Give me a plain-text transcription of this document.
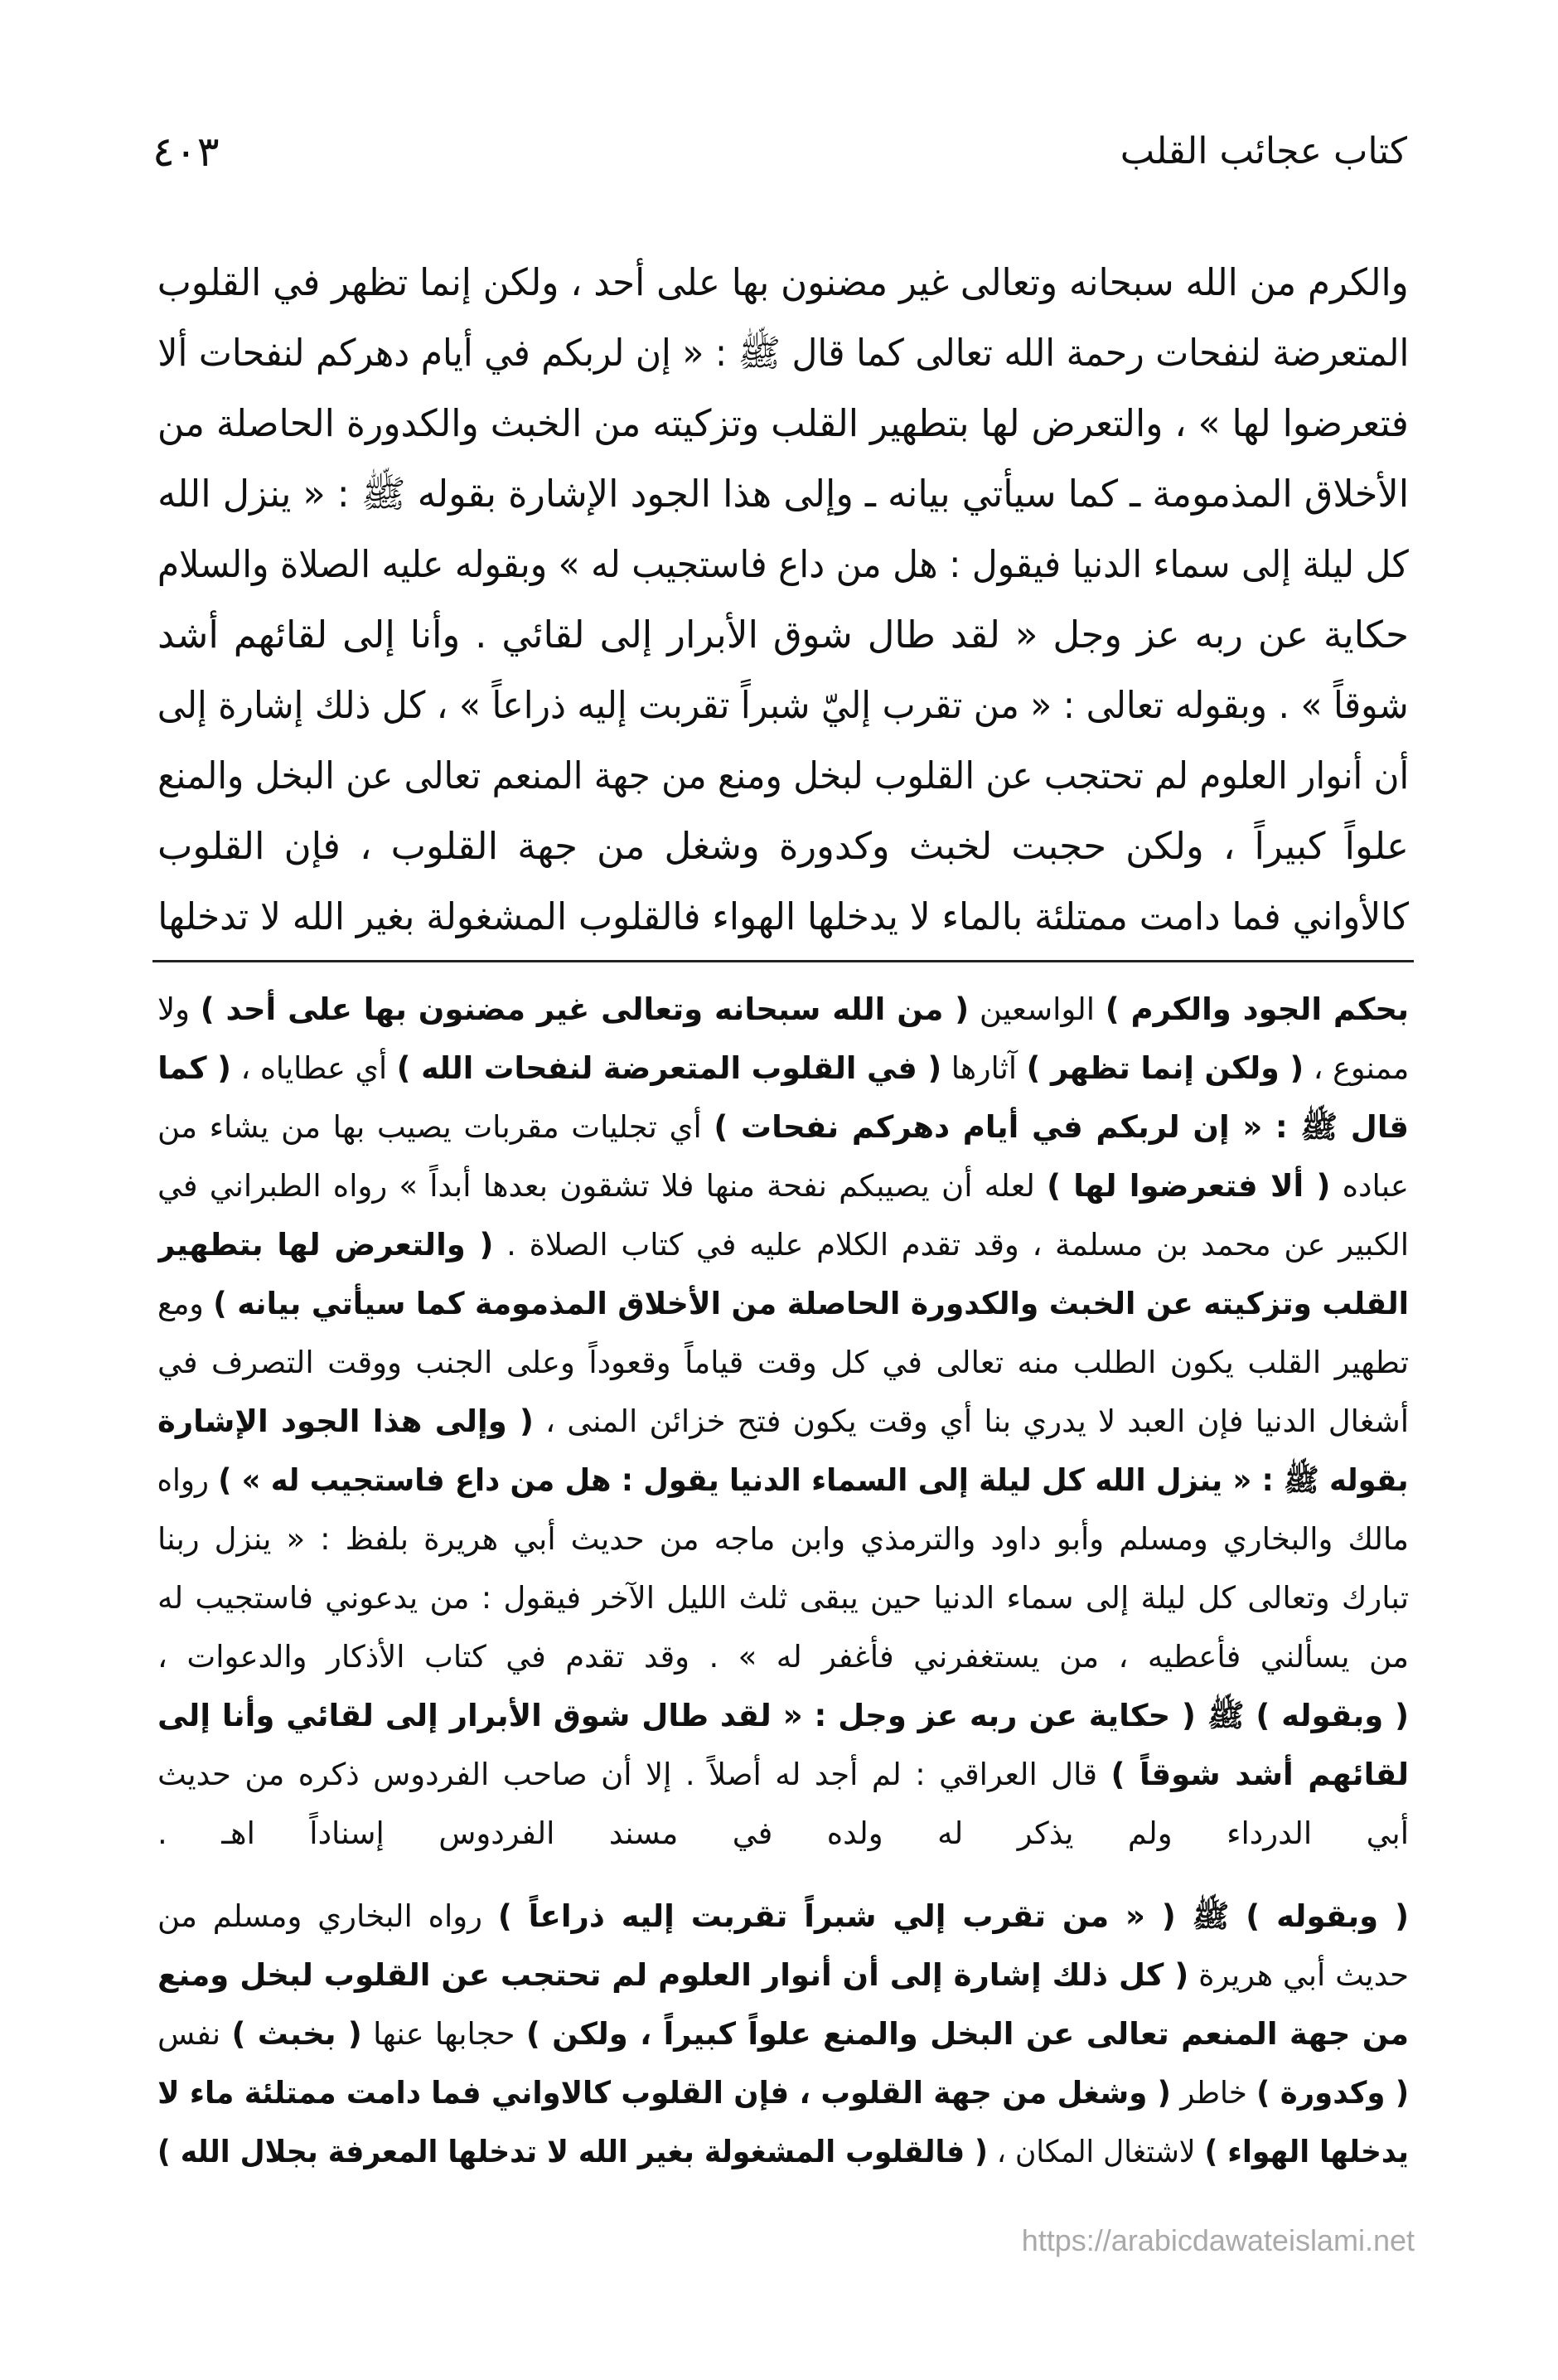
كتاب عجائب القلب
٤٠٣
والكرم من الله سبحانه وتعالى غير مضنون بها على أحد ، ولكن إنما تظهر في القلوب
المتعرضة لنفحات رحمة الله تعالى كما قال ﷺ : « إن لربكم في أيام دهركم لنفحات ألا
فتعرضوا لها » ، والتعرض لها بتطهير القلب وتزكيته من الخبث والكدورة الحاصلة من
الأخلاق المذمومة ـ كما سيأتي بيانه ـ وإلى هذا الجود الإشارة بقوله ﷺ : « ينزل الله
كل ليلة إلى سماء الدنيا فيقول : هل من داع فاستجيب له » وبقوله عليه الصلاة والسلام
حكاية عن ربه عز وجل « لقد طال شوق الأبرار إلى لقائي . وأنا إلى لقائهم أشد
شوقاً » . وبقوله تعالى : « من تقرب إليّ شبراً تقربت إليه ذراعاً » ، كل ذلك إشارة إلى
أن أنوار العلوم لم تحتجب عن القلوب لبخل ومنع من جهة المنعم تعالى عن البخل والمنع
علواً كبيراً ، ولكن حجبت لخبث وكدورة وشغل من جهة القلوب ، فإن القلوب
كالأواني فما دامت ممتلئة بالماء لا يدخلها الهواء فالقلوب المشغولة بغير الله لا تدخلها
بحكم الجود والكرم ) الواسعين ( من الله سبحانه وتعالى غير مضنون بها على أحد ) ولا
ممنوع ، ( ولكن إنما تظهر ) آثارها ( في القلوب المتعرضة لنفحات الله ) أي عطاياه ، ( كما
قال ﷺ : « إن لربكم في أيام دهركم نفحات ) أي تجليات مقربات يصيب بها من يشاء من
عباده ( ألا فتعرضوا لها ) لعله أن يصيبكم نفحة منها فلا تشقون بعدها أبداً » رواه الطبراني في
الكبير عن محمد بن مسلمة ، وقد تقدم الكلام عليه في كتاب الصلاة . ( والتعرض لها بتطهير
القلب وتزكيته عن الخبث والكدورة الحاصلة من الأخلاق المذمومة كما سيأتي بيانه ) ومع
تطهير القلب يكون الطلب منه تعالى في كل وقت قياماً وقعوداً وعلى الجنب ووقت التصرف في
أشغال الدنيا فإن العبد لا يدري بنا أي وقت يكون فتح خزائن المنى ، ( وإلى هذا الجود الإشارة
بقوله ﷺ : « ينزل الله كل ليلة إلى السماء الدنيا يقول : هل من داع فاستجيب له » ) رواه
مالك والبخاري ومسلم وأبو داود والترمذي وابن ماجه من حديث أبي هريرة بلفظ : « ينزل ربنا
تبارك وتعالى كل ليلة إلى سماء الدنيا حين يبقى ثلث الليل الآخر فيقول : من يدعوني فاستجيب له
من يسألني فأعطيه ، من يستغفرني فأغفر له » . وقد تقدم في كتاب الأذكار والدعوات ،
( وبقوله ) ﷺ ( حكاية عن ربه عز وجل : « لقد طال شوق الأبرار إلى لقائي وأنا إلى
لقائهم أشد شوقاً ) قال العراقي : لم أجد له أصلاً . إلا أن صاحب الفردوس ذكره من حديث
أبي الدرداء ولم يذكر له ولده في مسند الفردوس إسناداً اهـ .
( وبقوله ) ﷺ ( « من تقرب إلي شبراً تقربت إليه ذراعاً ) رواه البخاري ومسلم من
حديث أبي هريرة ( كل ذلك إشارة إلى أن أنوار العلوم لم تحتجب عن القلوب لبخل ومنع
من جهة المنعم تعالى عن البخل والمنع علواً كبيراً ، ولكن ) حجابها عنها ( بخبث ) نفس
( وكدورة ) خاطر ( وشغل من جهة القلوب ، فإن القلوب كالاواني فما دامت ممتلئة ماء لا
يدخلها الهواء ) لاشتغال المكان ، ( فالقلوب المشغولة بغير الله لا تدخلها المعرفة بجلال الله )
https://arabicdawateislami.net
